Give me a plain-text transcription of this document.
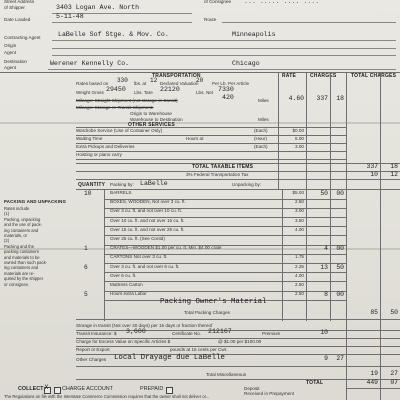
Street Address
of Shipper	3403 Logan Ave. North
of Consignee ... ..... .... ....
Date Loaded	5-11-48	Route
Contracting Agent	LaBelle Sof Stge. & Mov. Co.	Minneapolis
Origin
Agent
Destination
Agent
Werener Kennelly Co.	Chicago
TRANSPORTATION	RATE	CHARGES	TOTAL CHARGES
Rates based on 330 lbs. at 12 Declared Valuation
20 Per Lb. Per Article
Weight Gross 29450 Lbs. Tare 22120	Lbs. Net 7330
Mileage: Straight Shipment (not storage-in-transit)	420	Miles	4.60	337	18
Mileage: Storage-In-Transit Shipment:
Origin to Warehouse
Warehouse to Destination	Miles
OTHER SERVICES
Wardrobe Service (Use of Container Only)	(Each)	$0.00
Waiting Time	Hours at	(Hour)	5.00
Extra Pickups and Deliveries	(Each)	3.00
Hoisting or piano carry
TOTAL TAXABLE ITEMS	337	18
3% Federal Transportation Tax	10	12
QUANTITY Packing by: LaBelle	Unpacking by:
10	BARRELS	$5.00	50	00
BOXES, WOODEN, Not over 3 cu. ft.	2.50
Over 3 cu. ft. and not over 10 cu. ft.	3.00
Over 10 cu. ft. and not over 15 cu. ft.	3.50
Over 15 cu. ft. and not over 25 cu. ft.	4.00
Over 25 cu. ft. (See Contd)
1	CRATES—WOODEN $1.00 per cu. ft. Min. $4.00 crate	4	00
CARTONS Not over 3 cu. ft.	1.75
6	Over 3 cu. ft. and not over 6 cu. ft.	2.25	13	50
Over 6 cu. ft.	4.00
Mattress Carton	2.50
5	Hours extra Labor	2.50	8	00
Packing Owner's Material
Total Packing Charges	85	50
PACKING AND UNPACKING
Rates include
(1)
Packing, unpacking
and the use of pack-
ing containers and
materials, or
(2)
Packing and the
packing containers
and materials to be
owned than such pack-
ing containers and
materials are re-
quired by the shipper
or consignee.
Storage in transit (Not over 30 days) per 15 days or fraction thereof
Transit Insurance: $ 3,600	Certificate No. 212167	Premium	10
Charge for Excess Value on Specific Articles $	@ $1.00 per $100.00
Report or Export	pounds at 15 cents per Cwt.
Other Charges Local Drayage due LaBelle	9	27
Total Miscellaneous	19	27
TOTAL	449	07
COLLECT X	CHARGE ACCOUNT	PREPAID	Deposit
Received in Prepayment
The Regulations on file with the Interstate Commerce Commission requires that the owner shall not deliver or...
